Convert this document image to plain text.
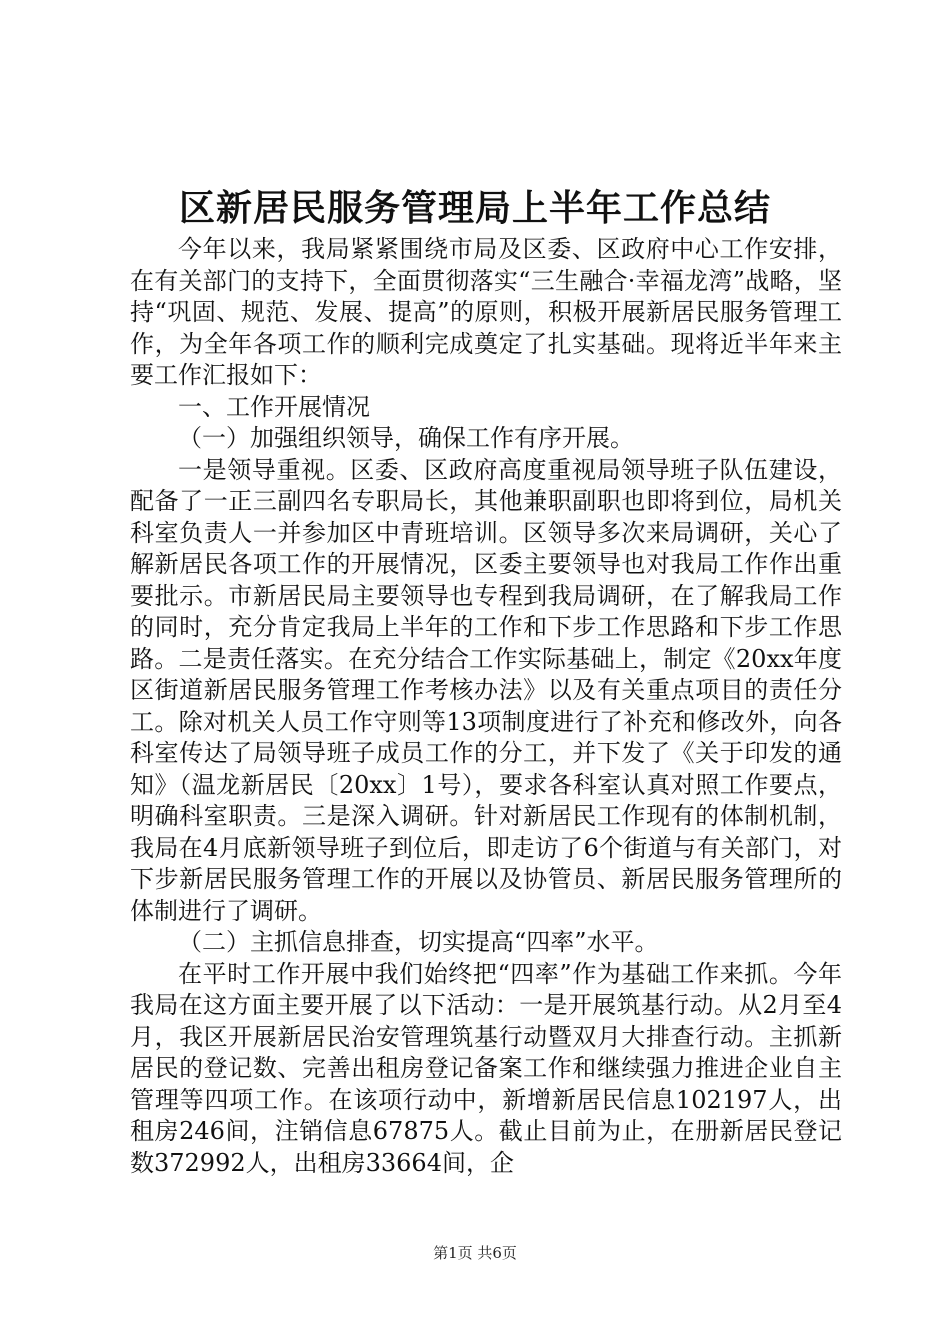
区新居民服务管理局上半年工作总结

今年以来，我局紧紧围绕市局及区委、区政府中心工作安排，在有关部门的支持下，全面贯彻落实“三生融合·幸福龙湾”战略，坚持“巩固、规范、发展、提高”的原则，积极开展新居民服务管理工作，为全年各项工作的顺利完成奠定了扎实基础。现将近半年来主要工作汇报如下：

一、工作开展情况

（一）加强组织领导，确保工作有序开展。

一是领导重视。区委、区政府高度重视局领导班子队伍建设，配备了一正三副四名专职局长，其他兼职副职也即将到位，局机关科室负责人一并参加区中青班培训。区领导多次来局调研，关心了解新居民各项工作的开展情况，区委主要领导也对我局工作作出重要批示。市新居民局主要领导也专程到我局调研，在了解我局工作的同时，充分肯定我局上半年的工作和下步工作思路和下步工作思路。二是责任落实。在充分结合工作实际基础上，制定《20xx年度区街道新居民服务管理工作考核办法》以及有关重点项目的责任分工。除对机关人员工作守则等13项制度进行了补充和修改外，向各科室传达了局领导班子成员工作的分工，并下发了《关于印发的通知》（温龙新居民〔20xx〕1号），要求各科室认真对照工作要点，明确科室职责。三是深入调研。针对新居民工作现有的体制机制，我局在4月底新领导班子到位后，即走访了6个街道与有关部门，对下步新居民服务管理工作的开展以及协管员、新居民服务管理所的体制进行了调研。

（二）主抓信息排查，切实提高“四率”水平。

在平时工作开展中我们始终把“四率”作为基础工作来抓。今年我局在这方面主要开展了以下活动：一是开展筑基行动。从2月至4月，我区开展新居民治安管理筑基行动暨双月大排查行动。主抓新居民的登记数、完善出租房登记备案工作和继续强力推进企业自主管理等四项工作。在该项行动中，新增新居民信息102197人，出租房246间，注销信息67875人。截止目前为止，在册新居民登记数372992人，出租房33664间，企

第1页 共6页
